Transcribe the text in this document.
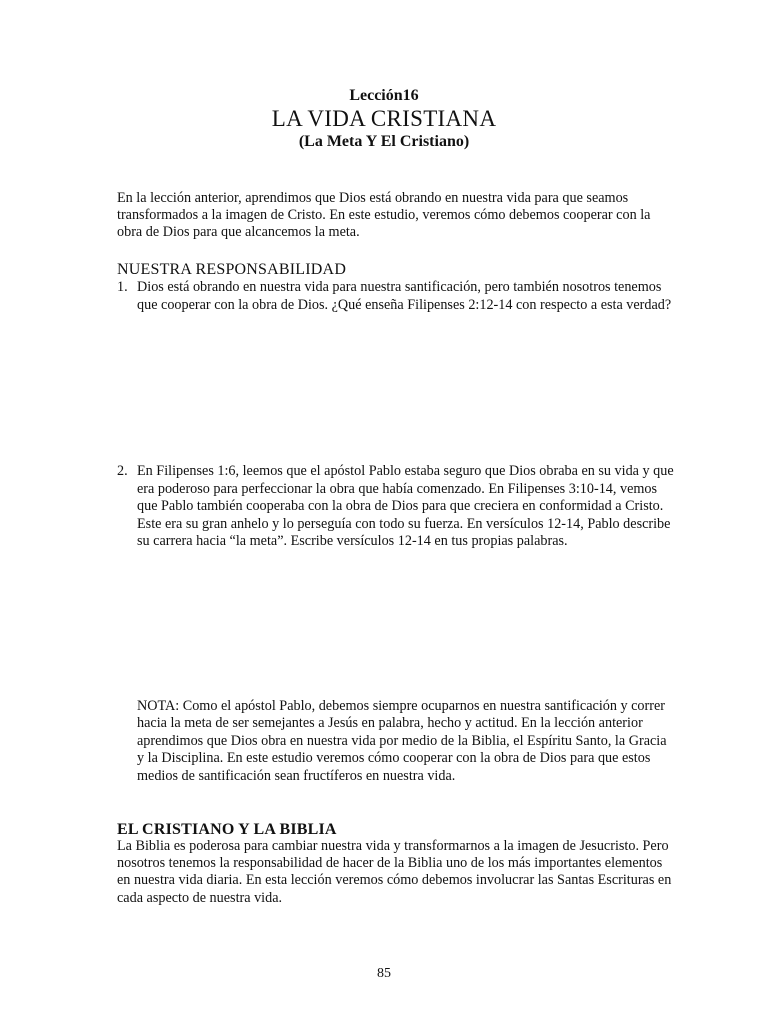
Lección16
LA VIDA CRISTIANA
(La Meta Y El Cristiano)

En la lección anterior, aprendimos que Dios está obrando en nuestra vida para que seamos transformados a la imagen de Cristo. En este estudio, veremos cómo debemos cooperar con la obra de Dios para que alcancemos la meta.

NUESTRA RESPONSABILIDAD
1. Dios está obrando en nuestra vida para nuestra santificación, pero también nosotros tenemos que cooperar con la obra de Dios. ¿Qué enseña Filipenses 2:12-14 con respecto a esta verdad?
2. En Filipenses 1:6, leemos que el apóstol Pablo estaba seguro que Dios obraba en su vida y que era poderoso para perfeccionar la obra que había comenzado. En Filipenses 3:10-14, vemos que Pablo también cooperaba con la obra de Dios para que creciera en conformidad a Cristo. Este era su gran anhelo y lo perseguía con todo su fuerza. En versículos 12-14, Pablo describe su carrera hacia “la meta”. Escribe versículos 12-14 en tus propias palabras.
NOTA: Como el apóstol Pablo, debemos siempre ocuparnos en nuestra santificación y correr hacia la meta de ser semejantes a Jesús en palabra, hecho y actitud. En la lección anterior aprendimos que Dios obra en nuestra vida por medio de la Biblia, el Espíritu Santo, la Gracia y la Disciplina. En este estudio veremos cómo cooperar con la obra de Dios para que estos medios de santificación sean fructíferos en nuestra vida.
EL CRISTIANO Y LA BIBLIA

La Biblia es poderosa para cambiar nuestra vida y transformarnos a la imagen de Jesucristo. Pero nosotros tenemos la responsabilidad de hacer de la Biblia uno de los más importantes elementos en nuestra vida diaria. En esta lección veremos cómo debemos involucrar las Santas Escrituras en cada aspecto de nuestra vida.

85
